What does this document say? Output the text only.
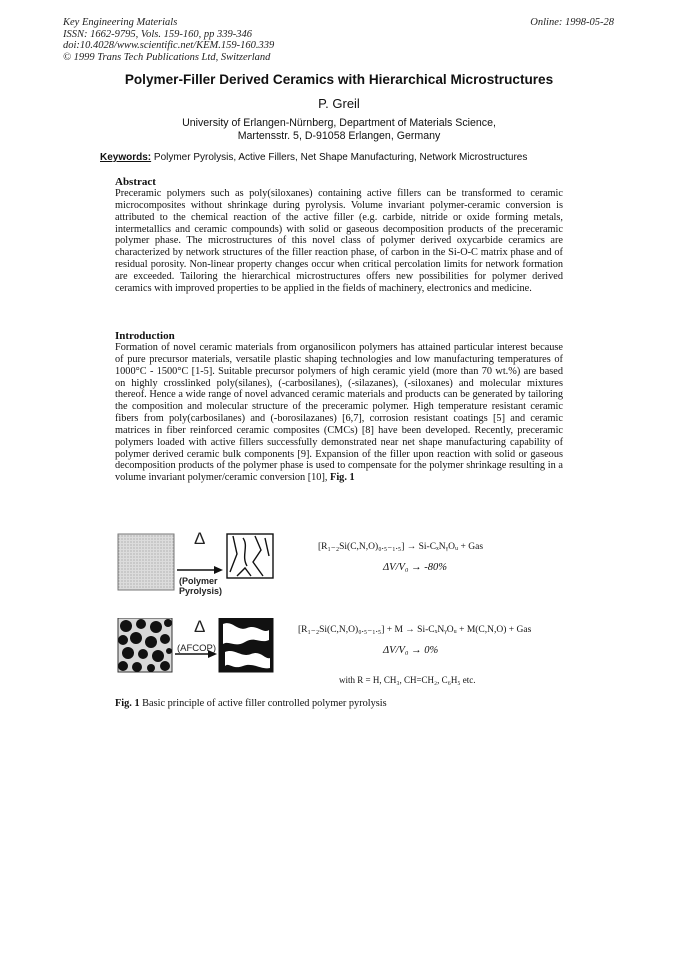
Key Engineering Materials
ISSN: 1662-9795, Vols. 159-160, pp 339-346
doi:10.4028/www.scientific.net/KEM.159-160.339
© 1999 Trans Tech Publications Ltd, Switzerland
Online: 1998-05-28
Polymer-Filler Derived Ceramics with Hierarchical Microstructures
P. Greil
University of Erlangen-Nürnberg, Department of Materials Science,
Martensstr. 5, D-91058 Erlangen, Germany
Keywords: Polymer Pyrolysis, Active Fillers, Net Shape Manufacturing, Network Microstructures
Abstract
Preceramic polymers such as poly(siloxanes) containing active fillers can be transformed to ceramic microcomposites without shrinkage during pyrolysis. Volume invariant polymer-ceramic conversion is attributed to the chemical reaction of the active filler (e.g. carbide, nitride or oxide forming metals, intermetallics and ceramic compounds) with solid or gaseous decomposition products of the preceramic polymer phase. The microstructures of this novel class of polymer derived oxycarbide ceramics are characterized by network structures of the filler reaction phase, of carbon in the Si-O-C matrix phase and of residual porosity. Non-linear property changes occur when critical percolation limits for network formation are exceeded. Tailoring the hierarchical microstructures offers new possibilities for polymer derived ceramics with improved properties to be applied in the fields of machinery, electronics and medicine.
Introduction
Formation of novel ceramic materials from organosilicon polymers has attained particular interest because of pure precursor materials, versatile plastic shaping technologies and low manufacturing temperatures of 1000°C - 1500°C [1-5]. Suitable precursor polymers of high ceramic yield (more than 70 wt.%) are based on highly crosslinked poly(silanes), (-carbosilanes), (-silazanes), (-siloxanes) and molecular mixtures thereof. Hence a wide range of novel advanced ceramic materials and products can be generated by tailoring the composition and molecular structure of the preceramic polymer. High temperature resistant ceramic fibers from poly(carbosilanes) and (-borosilazanes) [6,7], corrosion resistant coatings [5] and ceramic matrices in fiber reinforced ceramic composites (CMCs) [8] have been developed. Recently, preceramic polymers loaded with active fillers successfully demonstrated near net shape manufacturing capability of polymer derived ceramic bulk components [9]. Expansion of the filler upon reaction with solid or gaseous decomposition products of the polymer phase is used to compensate for the polymer shrinkage resulting in a volume invariant polymer/ceramic conversion [10], Fig. 1
Δ
(Polymer
Pyrolysis)
[R₁₋₂Si(C,N,O)₀.₅₋₁.₅] → Si-CₓNᵧOᵤ + Gas
ΔV/V₀ → -80%
Δ
(AFCOP)
[R₁₋₂Si(C,N,O)₀.₅₋₁.₅] + M → Si-CₓNᵧOᵤ + M(C,N,O) + Gas
ΔV/V₀ → 0%
with R = H, CH₃, CH=CH₂, C₆H₅ etc.
Fig. 1 Basic principle of active filler controlled polymer pyrolysis
